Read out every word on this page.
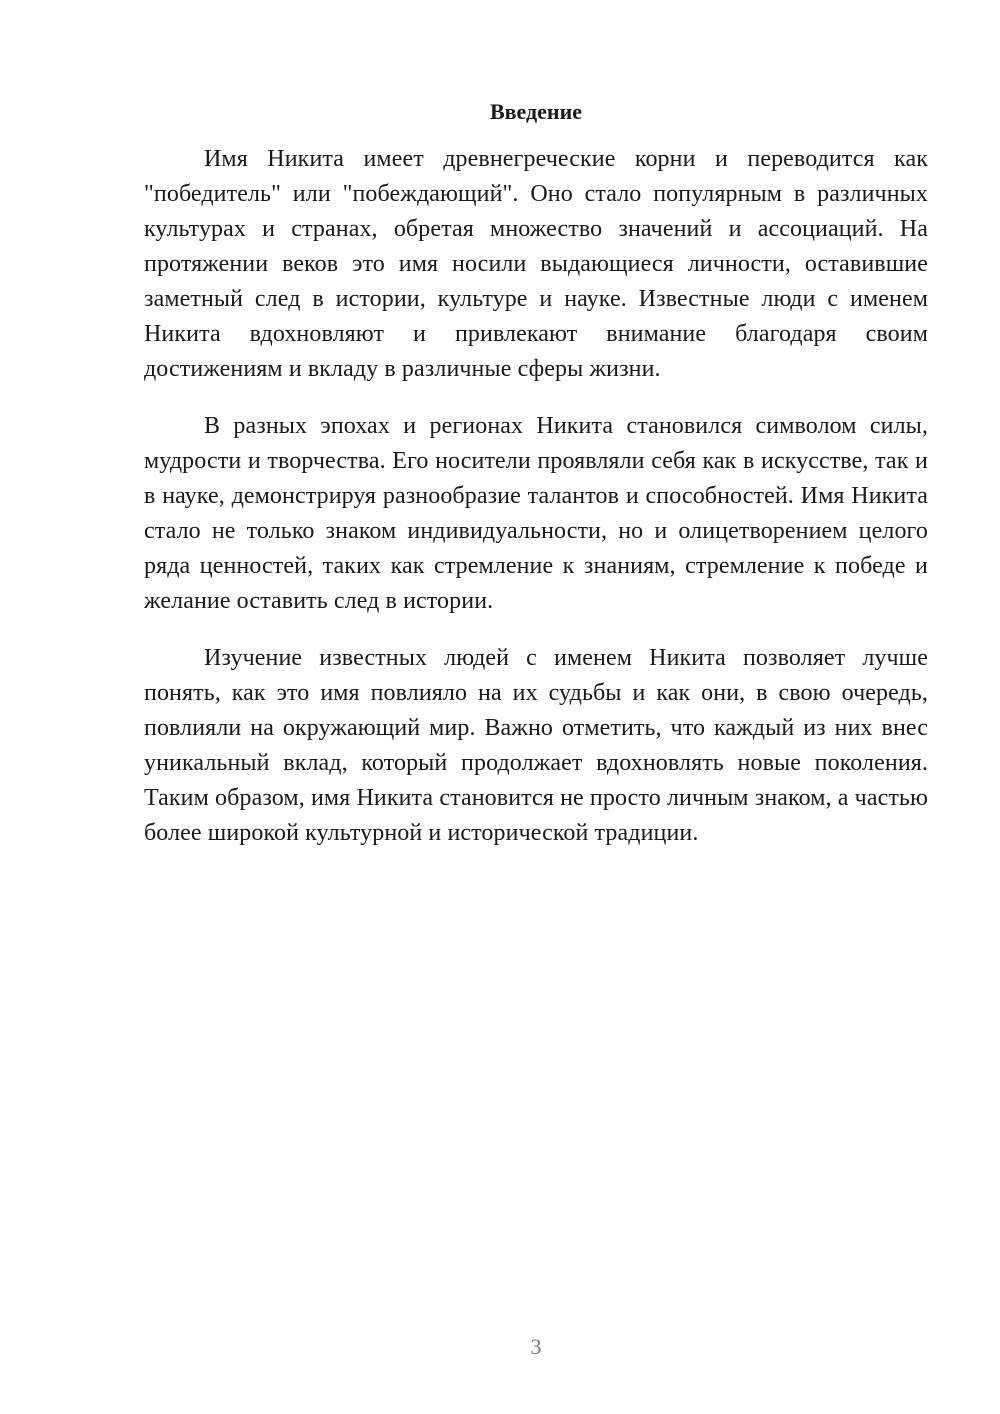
Введение

Имя Никита имеет древнегреческие корни и переводится как "победитель" или "побеждающий". Оно стало популярным в различных культурах и странах, обретая множество значений и ассоциаций. На протяжении веков это имя носили выдающиеся личности, оставившие заметный след в истории, культуре и науке. Известные люди с именем Никита вдохновляют и привлекают внимание благодаря своим достижениям и вкладу в различные сферы жизни.

В разных эпохах и регионах Никита становился символом силы, мудрости и творчества. Его носители проявляли себя как в искусстве, так и в науке, демонстрируя разнообразие талантов и способностей. Имя Никита стало не только знаком индивидуальности, но и олицетворением целого ряда ценностей, таких как стремление к знаниям, стремление к победе и желание оставить след в истории.

Изучение известных людей с именем Никита позволяет лучше понять, как это имя повлияло на их судьбы и как они, в свою очередь, повлияли на окружающий мир. Важно отметить, что каждый из них внес уникальный вклад, который продолжает вдохновлять новые поколения. Таким образом, имя Никита становится не просто личным знаком, а частью более широкой культурной и исторической традиции.

3
